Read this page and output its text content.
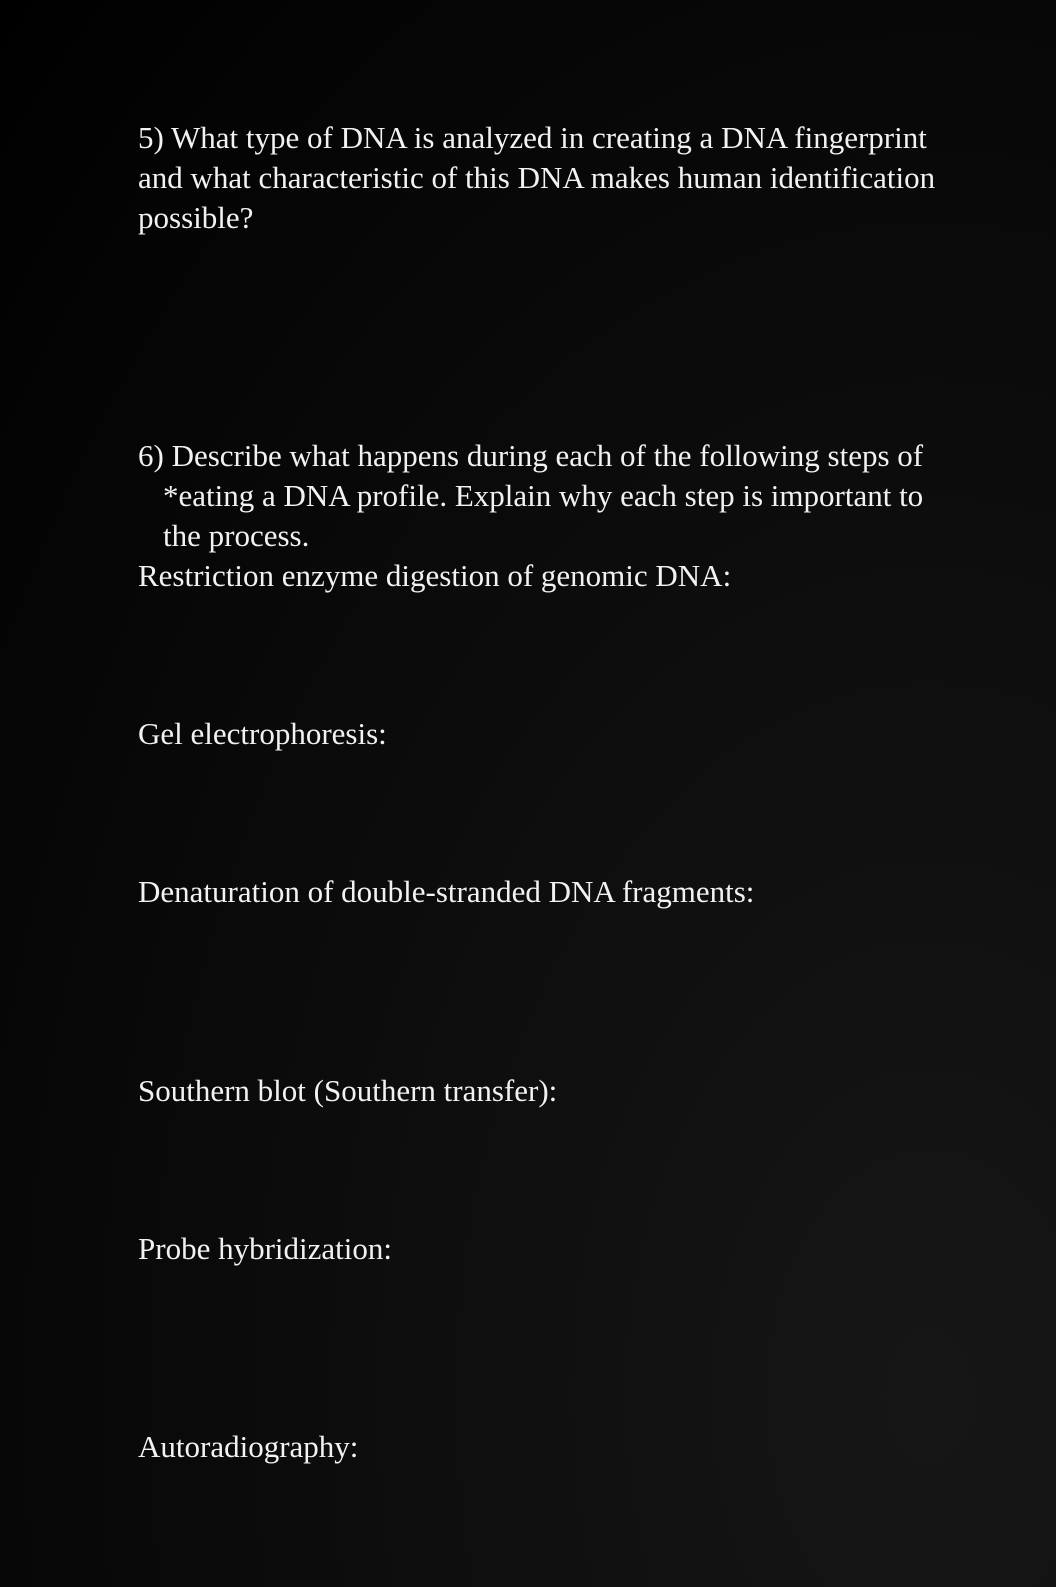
5) What type of DNA is analyzed in creating a DNA fingerprint

and what characteristic of this DNA makes human identification

possible?

6) Describe what happens during each of the following steps of

*eating a DNA profile. Explain why each step is important to

the process.

Restriction enzyme digestion of genomic DNA:

Gel electrophoresis:

Denaturation of double-stranded DNA fragments:

Southern blot (Southern transfer):

Probe hybridization:

Autoradiography:
